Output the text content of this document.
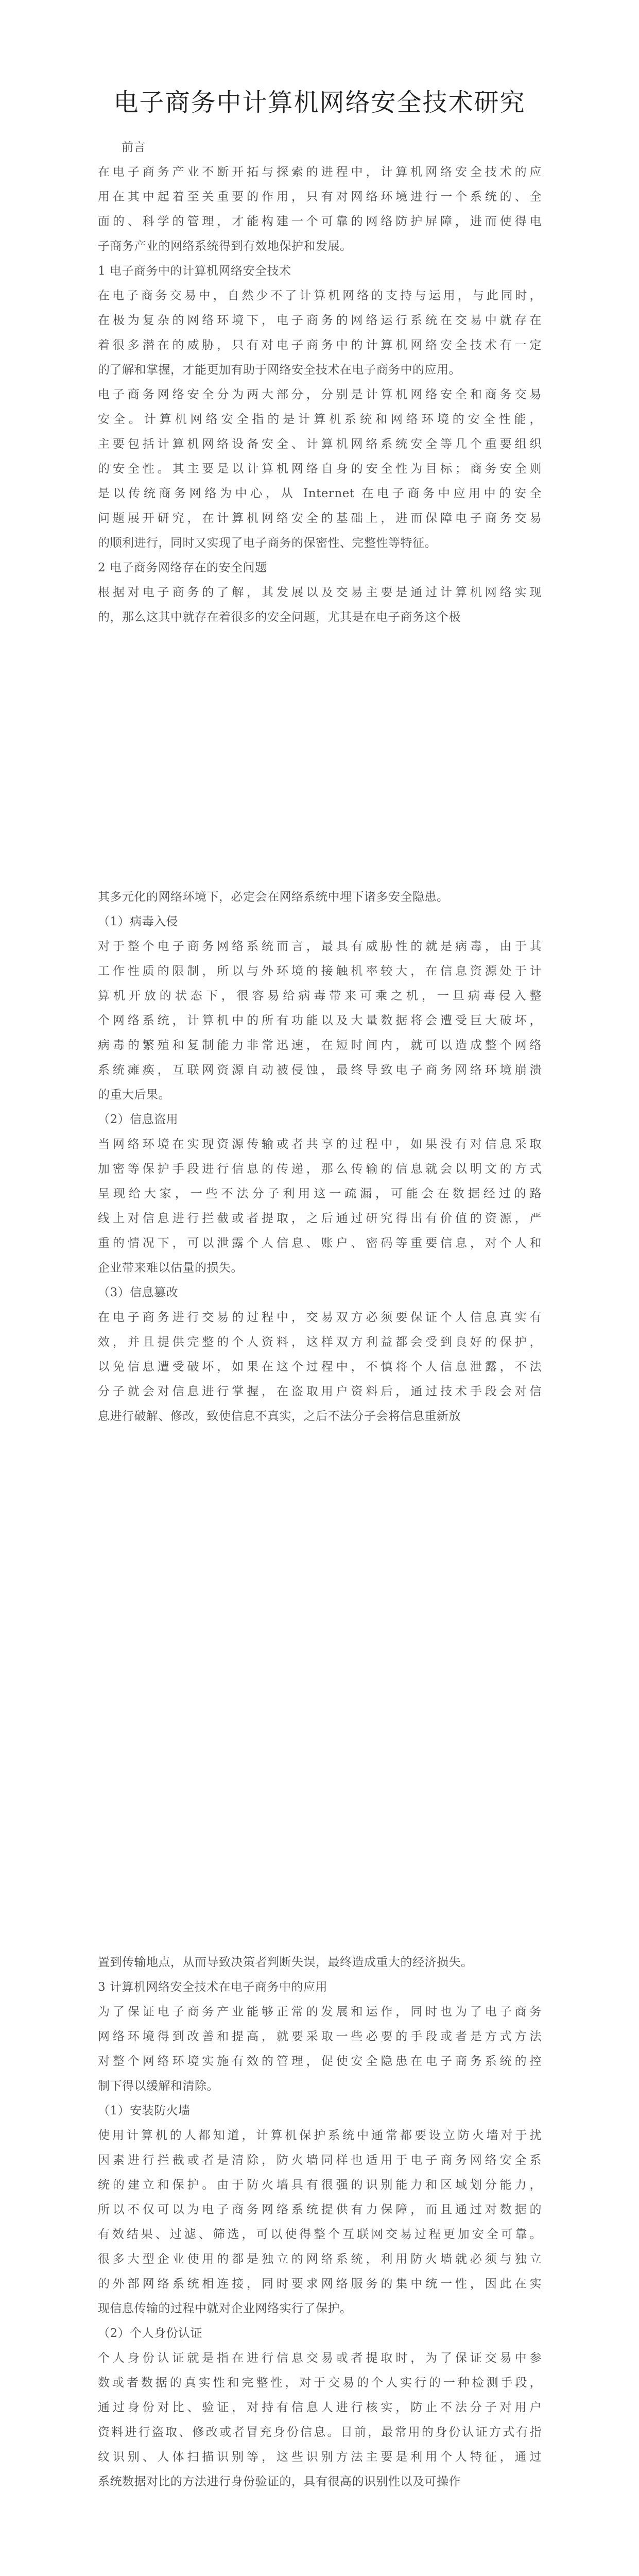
电子商务中计算机网络安全技术研究
前言
在电子商务产业不断开拓与探索的进程中，计算机网络安全技术的应
用在其中起着至关重要的作用，只有对网络环境进行一个系统的、全
面的、科学的管理，才能构建一个可靠的网络防护屏障，进而使得电
子商务产业的网络系统得到有效地保护和发展。
1 电子商务中的计算机网络安全技术
在电子商务交易中，自然少不了计算机网络的支持与运用，与此同时，
在极为复杂的网络环境下，电子商务的网络运行系统在交易中就存在
着很多潜在的威胁，只有对电子商务中的计算机网络安全技术有一定
的了解和掌握，才能更加有助于网络安全技术在电子商务中的应用。
电子商务网络安全分为两大部分，分别是计算机网络安全和商务交易
安全。计算机网络安全指的是计算机系统和网络环境的安全性能，
主要包括计算机网络设备安全、计算机网络系统安全等几个重要组织
的安全性。其主要是以计算机网络自身的安全性为目标；商务安全则
是以传统商务网络为中心，从 Internet 在电子商务中应用中的安全
问题展开研究，在计算机网络安全的基础上，进而保障电子商务交易
的顺利进行，同时又实现了电子商务的保密性、完整性等特征。
2 电子商务网络存在的安全问题
根据对电子商务的了解，其发展以及交易主要是通过计算机网络实现
的，那么这其中就存在着很多的安全问题，尤其是在电子商务这个极
其多元化的网络环境下，必定会在网络系统中埋下诸多安全隐患。
（1）病毒入侵
对于整个电子商务网络系统而言，最具有威胁性的就是病毒，由于其
工作性质的限制，所以与外环境的接触机率较大，在信息资源处于计
算机开放的状态下，很容易给病毒带来可乘之机，一旦病毒侵入整
个网络系统，计算机中的所有功能以及大量数据将会遭受巨大破坏，
病毒的繁殖和复制能力非常迅速，在短时间内，就可以造成整个网络
系统瘫痪，互联网资源自动被侵蚀，最终导致电子商务网络环境崩溃
的重大后果。
（2）信息盗用
当网络环境在实现资源传输或者共享的过程中，如果没有对信息采取
加密等保护手段进行信息的传递，那么传输的信息就会以明文的方式
呈现给大家，一些不法分子利用这一疏漏，可能会在数据经过的路
线上对信息进行拦截或者提取，之后通过研究得出有价值的资源，严
重的情况下，可以泄露个人信息、账户、密码等重要信息，对个人和
企业带来难以估量的损失。
（3）信息篡改
在电子商务进行交易的过程中，交易双方必须要保证个人信息真实有
效，并且提供完整的个人资料，这样双方利益都会受到良好的保护，
以免信息遭受破坏，如果在这个过程中，不慎将个人信息泄露，不法
分子就会对信息进行掌握，在盗取用户资料后，通过技术手段会对信
息进行破解、修改，致使信息不真实，之后不法分子会将信息重新放
置到传输地点，从而导致决策者判断失误，最终造成重大的经济损失。
3 计算机网络安全技术在电子商务中的应用
为了保证电子商务产业能够正常的发展和运作，同时也为了电子商务
网络环境得到改善和提高，就要采取一些必要的手段或者是方式方法
对整个网络环境实施有效的管理，促使安全隐患在电子商务系统的控
制下得以缓解和清除。
（1）安装防火墙
使用计算机的人都知道，计算机保护系统中通常都要设立防火墙对于扰
因素进行拦截或者是清除，防火墙同样也适用于电子商务网络安全系
统的建立和保护。由于防火墙具有很强的识别能力和区域划分能力，
所以不仅可以为电子商务网络系统提供有力保障，而且通过对数据的
有效结果、过滤、筛选，可以使得整个互联网交易过程更加安全可靠。
很多大型企业使用的都是独立的网络系统，利用防火墙就必须与独立
的外部网络系统相连接，同时要求网络服务的集中统一性，因此在实
现信息传输的过程中就对企业网络实行了保护。
（2）个人身份认证
个人身份认证就是指在进行信息交易或者提取时，为了保证交易中参
数或者数据的真实性和完整性，对于交易的个人实行的一种检测手段，
通过身份对比、验证，对持有信息人进行核实，防止不法分子对用户
资料进行盗取、修改或者冒充身份信息。目前，最常用的身份认证方式有指
纹识别、人体扫描识别等，这些识别方法主要是利用个人特征，通过
系统数据对比的方法进行身份验证的，具有很高的识别性以及可操作
